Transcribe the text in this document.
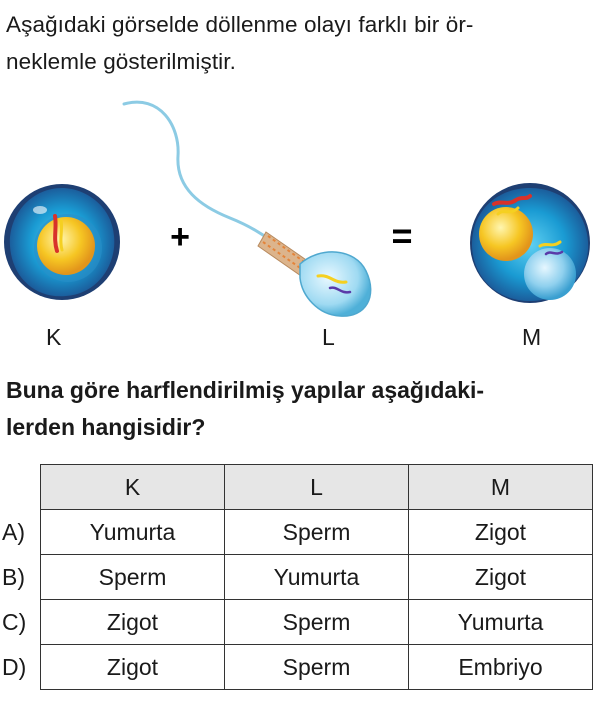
Aşağıdaki görselde döllenme olayı farklı bir ör-
neklemle gösterilmiştir.
+	=
K	L	M
Buna göre harflendirilmiş yapılar aşağıdaki-
lerden hangisidir?
	K	L	M
A)	Yumurta	Sperm	Zigot
B)	Sperm	Yumurta	Zigot
C)	Zigot	Sperm	Yumurta
D)	Zigot	Sperm	Embriyo
